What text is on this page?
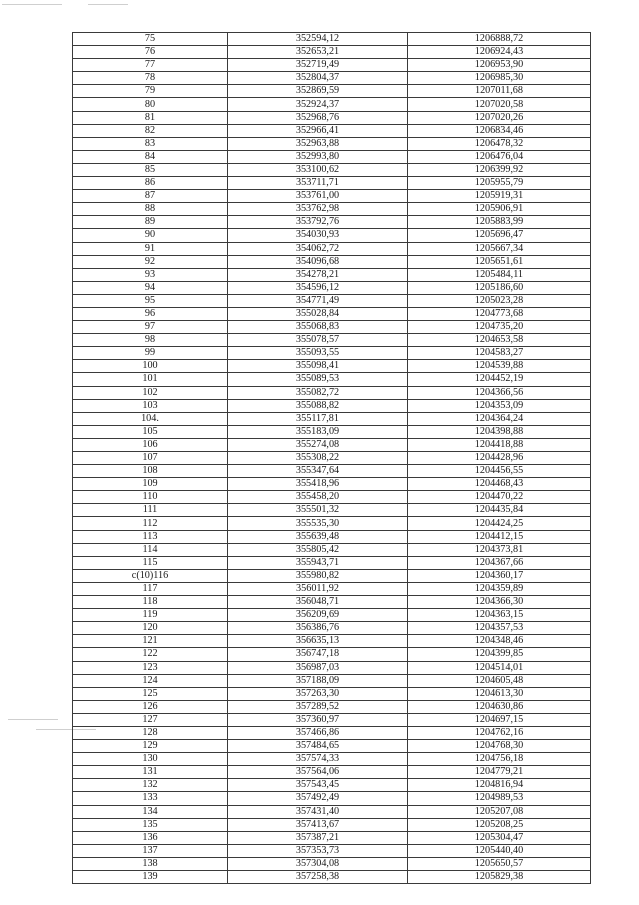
75	352594,12	1206888,72
76	352653,21	1206924,43
77	352719,49	1206953,90
78	352804,37	1206985,30
79	352869,59	1207011,68
80	352924,37	1207020,58
81	352968,76	1207020,26
82	352966,41	1206834,46
83	352963,88	1206478,32
84	352993,80	1206476,04
85	353100,62	1206399,92
86	353711,71	1205955,79
87	353761,00	1205919,31
88	353762,98	1205906,91
89	353792,76	1205883,99
90	354030,93	1205696,47
91	354062,72	1205667,34
92	354096,68	1205651,61
93	354278,21	1205484,11
94	354596,12	1205186,60
95	354771,49	1205023,28
96	355028,84	1204773,68
97	355068,83	1204735,20
98	355078,57	1204653,58
99	355093,55	1204583,27
100	355098,41	1204539,88
101	355089,53	1204452,19
102	355082,72	1204366,56
103	355088,82	1204353,09
104.	355117,81	1204364,24
105	355183,09	1204398,88
106	355274,08	1204418,88
107	355308,22	1204428,96
108	355347,64	1204456,55
109	355418,96	1204468,43
110	355458,20	1204470,22
111	355501,32	1204435,84
112	355535,30	1204424,25
113	355639,48	1204412,15
114	355805,42	1204373,81
115	355943,71	1204367,66
c(10)116	355980,82	1204360,17
117	356011,92	1204359,89
118	356048,71	1204366,30
119	356209,69	1204363,15
120	356386,76	1204357,53
121	356635,13	1204348,46
122	356747,18	1204399,85
123	356987,03	1204514,01
124	357188,09	1204605,48
125	357263,30	1204613,30
126	357289,52	1204630,86
127	357360,97	1204697,15
128	357466,86	1204762,16
129	357484,65	1204768,30
130	357574,33	1204756,18
131	357564,06	1204779,21
132	357543,45	1204816,94
133	357492,49	1204989,53
134	357431,40	1205207,08
135	357413,67	1205208,25
136	357387,21	1205304,47
137	357353,73	1205440,40
138	357304,08	1205650,57
139	357258,38	1205829,38
